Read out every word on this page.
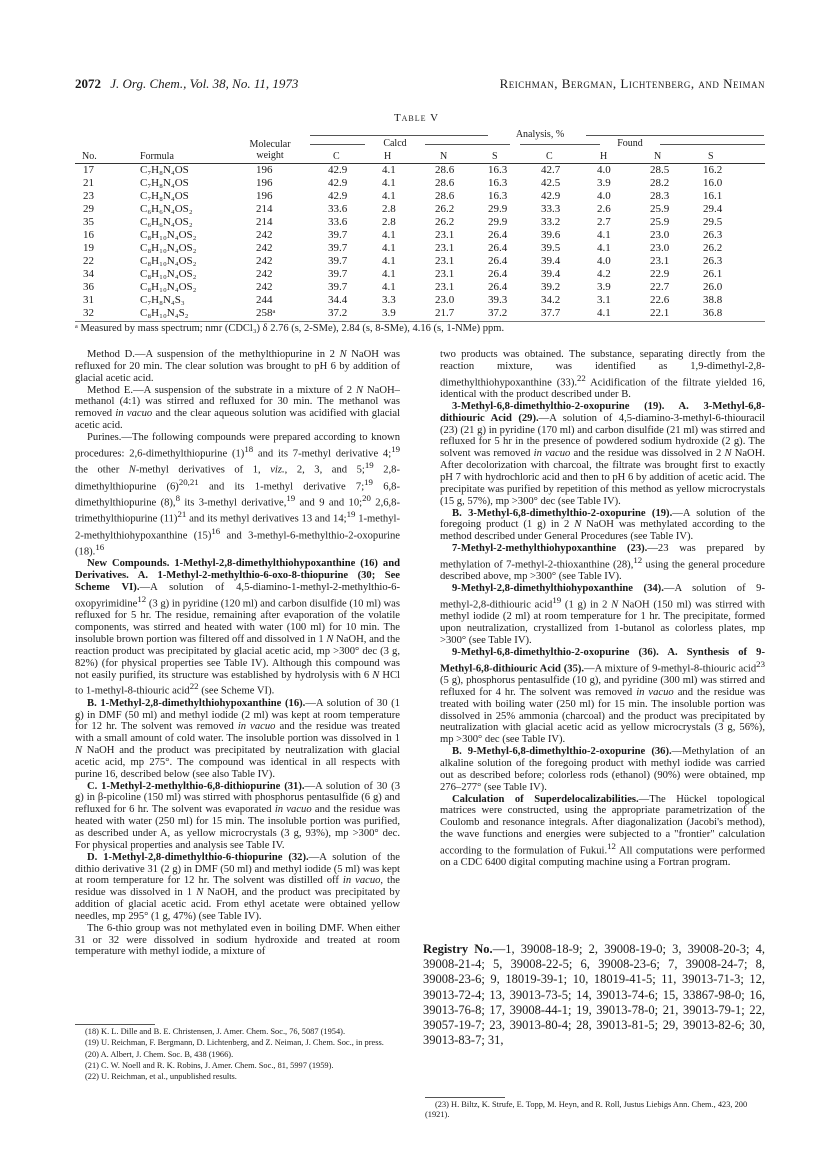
2072 J. Org. Chem., Vol. 38, No. 11, 1973	Reichman, Bergman, Lichtenberg, and Neiman
Table V
Analysis, %
Calcd	Found
Molecular
weight
No.	Formula	C	H	N	S	C	H	N	S
17	C₇H₈N₄OS	196	42.9	4.1	28.6	16.3	42.7	4.0	28.5	16.2
21	C₇H₈N₄OS	196	42.9	4.1	28.6	16.3	42.5	3.9	28.2	16.0
23	C₇H₈N₄OS	196	42.9	4.1	28.6	16.3	42.9	4.0	28.3	16.1
29	C₆H₆N₄OS₂	214	33.6	2.8	26.2	29.9	33.3	2.6	25.9	29.4
35	C₆H₆N₄OS₂	214	33.6	2.8	26.2	29.9	33.2	2.7	25.9	29.5
16	C₈H₁₀N₄OS₂	242	39.7	4.1	23.1	26.4	39.6	4.1	23.0	26.3
19	C₈H₁₀N₄OS₂	242	39.7	4.1	23.1	26.4	39.5	4.1	23.0	26.2
22	C₈H₁₀N₄OS₂	242	39.7	4.1	23.1	26.4	39.4	4.0	23.1	26.3
34	C₈H₁₀N₄OS₂	242	39.7	4.1	23.1	26.4	39.4	4.2	22.9	26.1
36	C₈H₁₀N₄OS₂	242	39.7	4.1	23.1	26.4	39.2	3.9	22.7	26.0
31	C₇H₈N₄S₃	244	34.4	3.3	23.0	39.3	34.2	3.1	22.6	38.8
32	C₈H₁₀N₄S₂	258ᵃ	37.2	3.9	21.7	37.2	37.7	4.1	22.1	36.8
ᵃ Measured by mass spectrum; nmr (CDCl₃) δ 2.76 (s, 2-SMe), 2.84 (s, 8-SMe), 4.16 (s, 1-NMe) ppm.

Method D.—A suspension of the methylthiopurine in 2 N NaOH was refluxed for 20 min. The clear solution was brought to pH 6 by addition of glacial acetic acid.

Method E.—A suspension of the substrate in a mixture of 2 N NaOH–methanol (4:1) was stirred and refluxed for 30 min. The methanol was removed in vacuo and the clear aqueous solution was acidified with glacial acetic acid.

Purines.—The following compounds were prepared according to known procedures: 2,6-dimethylthiopurine $(1)^{18}$ and its 7-methyl derivative 4;$^{19}$ the other N-methyl derivatives of 1, viz., 2, 3, and 5;$^{19}$ 2,8-dimethylthiopurine $(6)^{20,21}$ and its 1-methyl derivative 7;$^{19}$ 6,8-dimethylthiopurine (8),$^8$ its 3-methyl derivative,$^{19}$ and 9 and 10;$^{20}$ 2,6,8-trimethylthiopurine $(11)^{21}$ and its methyl derivatives 13 and 14;$^{19}$ 1-methyl-2-methylthiohypoxanthine $(15)^{16}$ and 3-methyl-6-methylthio-2-oxopurine (18).$^{16}$

New Compounds. 1-Methyl-2,8-dimethylthiohypoxanthine (16) and Derivatives. A. 1-Methyl-2-methylthio-6-oxo-8-thiopurine (30; See Scheme VI).—A solution of 4,5-diamino-1-methyl-2-methylthio-6-oxopyrimidine$^{12}$ (3 g) in pyridine (120 ml) and carbon disulfide (10 ml) was refluxed for 5 hr. The residue, remaining after evaporation of the volatile components, was stirred and heated with water (100 ml) for 10 min. The insoluble brown portion was filtered off and dissolved in 1 N NaOH, and the reaction product was precipitated by glacial acetic acid, mp >300° dec (3 g, 82%) (for physical properties see Table IV). Although this compound was not easily purified, its structure was established by hydrolysis with 6 N HCl to 1-methyl-8-thiouric acid$^{22}$ (see Scheme VI).

B. 1-Methyl-2,8-dimethylthiohypoxanthine (16).—A solution of 30 (1 g) in DMF (50 ml) and methyl iodide (2 ml) was kept at room temperature for 12 hr. The solvent was removed in vacuo and the residue was treated with a small amount of cold water. The insoluble portion was dissolved in 1 N NaOH and the product was precipitated by neutralization with glacial acetic acid, mp 275°. The compound was identical in all respects with purine 16, described below (see also Table IV).

C. 1-Methyl-2-methylthio-6,8-dithiopurine (31).—A solution of 30 (3 g) in β-picoline (150 ml) was stirred with phosphorus pentasulfide (6 g) and refluxed for 6 hr. The solvent was evaporated in vacuo and the residue was heated with water (250 ml) for 15 min. The insoluble portion was purified, as described under A, as yellow microcrystals (3 g, 93%), mp >300° dec. For physical properties and analysis see Table IV.

D. 1-Methyl-2,8-dimethylthio-6-thiopurine (32).—A solution of the dithio derivative 31 (2 g) in DMF (50 ml) and methyl iodide (5 ml) was kept at room temperature for 12 hr. The solvent was distilled off in vacuo, the residue was dissolved in 1 N NaOH, and the product was precipitated by addition of glacial acetic acid. From ethyl acetate were obtained yellow needles, mp 295° (1 g, 47%) (see Table IV).

The 6-thio group was not methylated even in boiling DMF. When either 31 or 32 were dissolved in sodium hydroxide and treated at room temperature with methyl iodide, a mixture of

two products was obtained. The substance, separating directly from the reaction mixture, was identified as 1,9-dimethyl-2,8-dimethylthiohypoxanthine (33).$^{22}$ Acidification of the filtrate yielded 16, identical with the product described under B.

3-Methyl-6,8-dimethylthio-2-oxopurine (19). A. 3-Methyl-6,8-dithiouric Acid (29).—A solution of 4,5-diamino-3-methyl-6-thiouracil (23) (21 g) in pyridine (170 ml) and carbon disulfide (21 ml) was stirred and refluxed for 5 hr in the presence of powdered sodium hydroxide (2 g). The solvent was removed in vacuo and the residue was dissolved in 2 N NaOH. After decolorization with charcoal, the filtrate was brought first to exactly pH 7 with hydrochloric acid and then to pH 6 by addition of acetic acid. The precipitate was purified by repetition of this method as yellow microcrystals (15 g, 57%), mp >300° dec (see Table IV).

B. 3-Methyl-6,8-dimethylthio-2-oxopurine (19).—A solution of the foregoing product (1 g) in 2 N NaOH was methylated according to the method described under General Procedures (see Table IV).

7-Methyl-2-methylthiohypoxanthine (23).—23 was prepared by methylation of 7-methyl-2-thioxanthine (28),$^{12}$ using the general procedure described above, mp >300° (see Table IV).

9-Methyl-2,8-dimethylthiohypoxanthine (34).—A solution of 9-methyl-2,8-dithiouric acid$^{19}$ (1 g) in 2 N NaOH (150 ml) was stirred with methyl iodide (2 ml) at room temperature for 1 hr. The precipitate, formed upon neutralization, crystallized from 1-butanol as colorless plates, mp >300° (see Table IV).

9-Methyl-6,8-dimethylthio-2-oxopurine (36). A. Synthesis of 9-Methyl-6,8-dithiouric Acid (35).—A mixture of 9-methyl-8-thiouric acid$^{23}$ (5 g), phosphorus pentasulfide (10 g), and pyridine (300 ml) was stirred and refluxed for 4 hr. The solvent was removed in vacuo and the residue was treated with boiling water (250 ml) for 15 min. The insoluble portion was dissolved in 25% ammonia (charcoal) and the product was precipitated by neutralization with glacial acetic acid as yellow microcrystals (3 g, 56%), mp >300° dec (see Table IV).

B. 9-Methyl-6,8-dimethylthio-2-oxopurine (36).—Methylation of an alkaline solution of the foregoing product with methyl iodide was carried out as described before; colorless rods (ethanol) (90%) were obtained, mp 276–277° (see Table IV).

Calculation of Superdelocalizabilities.—The Hückel topological matrices were constructed, using the appropriate parametrization of the Coulomb and resonance integrals. After diagonalization (Jacobi's method), the wave functions and energies were subjected to a "frontier" calculation according to the formulation of Fukui.$^{12}$ All computations were performed on a CDC 6400 digital computing machine using a Fortran program.

Registry No.—1, 39008-18-9; 2, 39008-19-0; 3, 39008-20-3; 4, 39008-21-4; 5, 39008-22-5; 6, 39008-23-6; 7, 39008-24-7; 8, 39008-23-6; 9, 18019-39-1; 10, 18019-41-5; 11, 39013-71-3; 12, 39013-72-4; 13, 39013-73-5; 14, 39013-74-6; 15, 33867-98-0; 16, 39013-76-8; 17, 39008-44-1; 19, 39013-78-0; 21, 39013-79-1; 22, 39057-19-7; 23, 39013-80-4; 28, 39013-81-5; 29, 39013-82-6; 30, 39013-83-7; 31,

(18) K. L. Dille and B. E. Christensen, J. Amer. Chem. Soc., 76, 5087 (1954).

(19) U. Reichman, F. Bergmann, D. Lichtenberg, and Z. Neiman, J. Chem. Soc., in press.

(20) A. Albert, J. Chem. Soc. B, 438 (1966).

(21) C. W. Noell and R. K. Robins, J. Amer. Chem. Soc., 81, 5997 (1959).

(22) U. Reichman, et al., unpublished results.

(23) H. Biltz, K. Strufe, E. Topp, M. Heyn, and R. Roll, Justus Liebigs Ann. Chem., 423, 200 (1921).
